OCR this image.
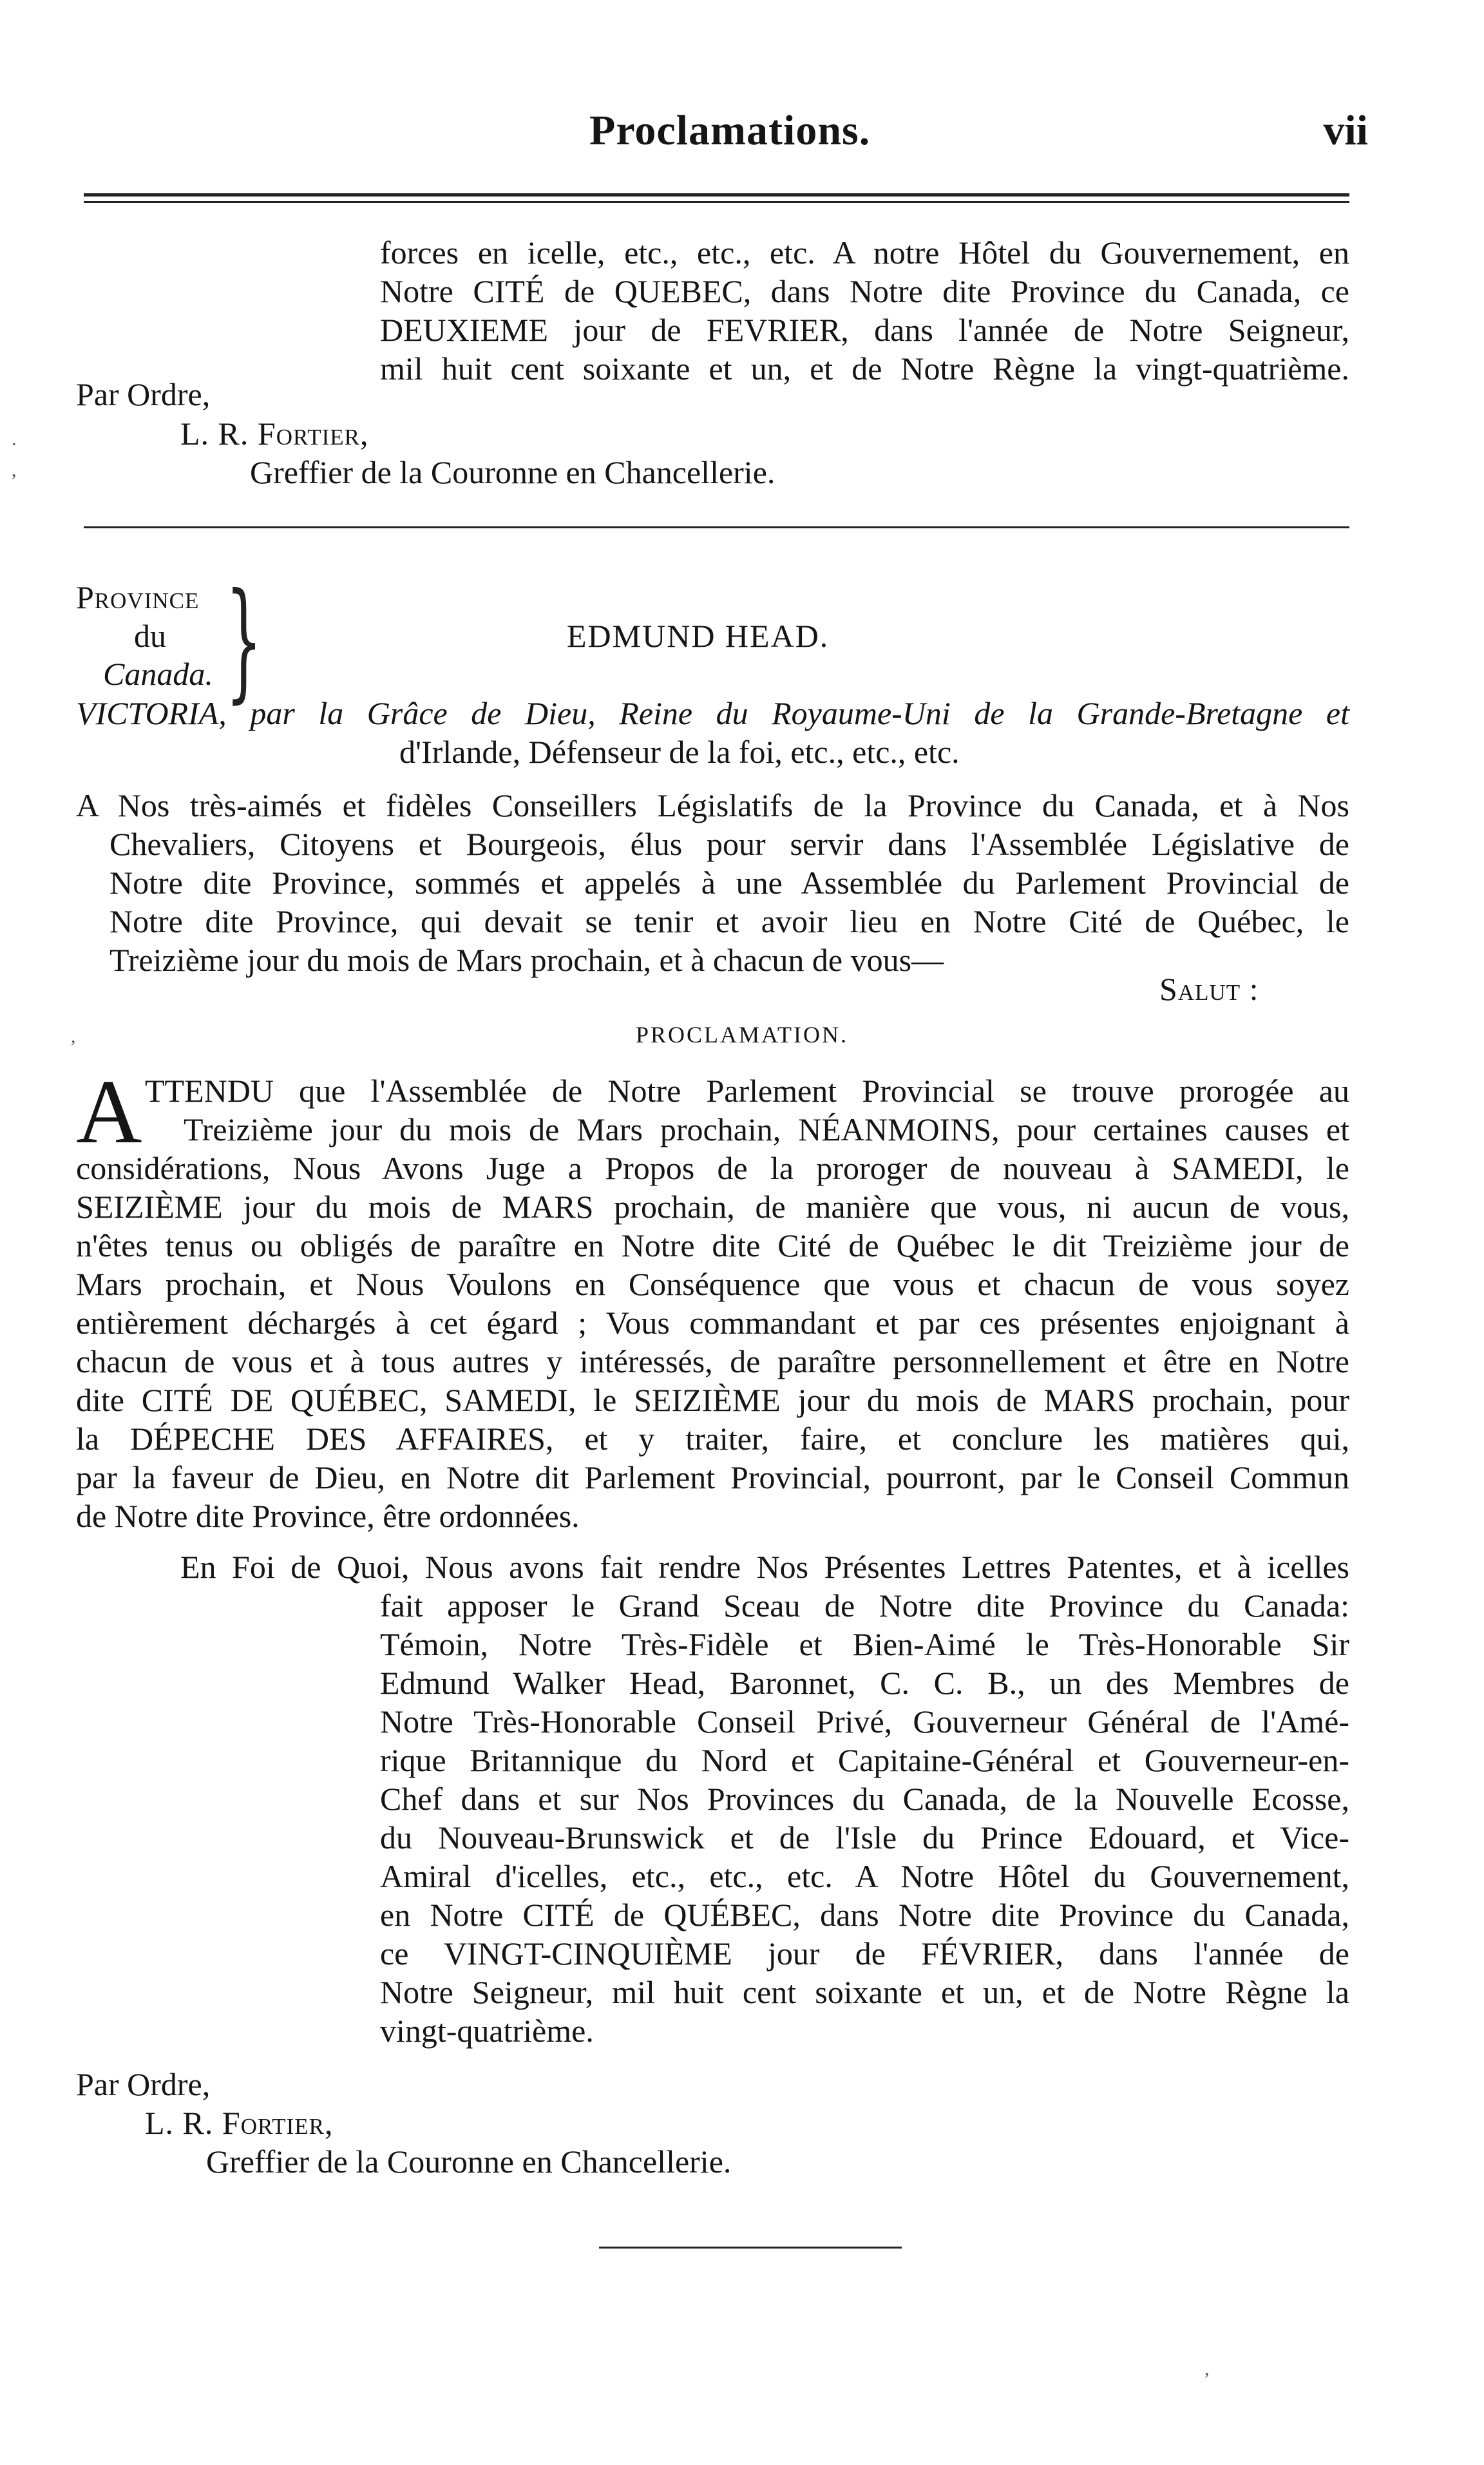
Proclamations.	vii
forces en icelle, etc., etc., etc. A notre Hôtel du Gouvernement, en
Notre CITÉ de QUEBEC, dans Notre dite Province du Canada, ce
DEUXIEME jour de FEVRIER, dans l'année de Notre Seigneur,
mil huit cent soixante et un, et de Notre Règne la vingt-quatrième.
Par Ordre,
L. R. Fortier,
Greffier de la Couronne en Chancellerie.
Province
du
Canada. }	EDMUND HEAD.
VICTORIA, par la Grâce de Dieu, Reine du Royaume-Uni de la Grande-Bretagne et
d'Irlande, Défenseur de la foi, etc., etc., etc.
A Nos très-aimés et fidèles Conseillers Législatifs de la Province du Canada, et à Nos
Chevaliers, Citoyens et Bourgeois, élus pour servir dans l'Assemblée Législative de
Notre dite Province, sommés et appelés à une Assemblée du Parlement Provincial de
Notre dite Province, qui devait se tenir et avoir lieu en Notre Cité de Québec, le
Treizième jour du mois de Mars prochain, et à chacun de vous—
Salut :
PROCLAMATION.
A TTENDU que l'Assemblée de Notre Parlement Provincial se trouve prorogée au
Treizième jour du mois de Mars prochain, NÉANMOINS, pour certaines causes et
considérations, Nous Avons Juge a Propos de la proroger de nouveau à SAMEDI, le
SEIZIÈME jour du mois de MARS prochain, de manière que vous, ni aucun de vous,
n'êtes tenus ou obligés de paraître en Notre dite Cité de Québec le dit Treizième jour de
Mars prochain, et Nous Voulons en Conséquence que vous et chacun de vous soyez
entièrement déchargés à cet égard ; Vous commandant et par ces présentes enjoignant à
chacun de vous et à tous autres y intéressés, de paraître personnellement et être en Notre
dite CITÉ DE QUÉBEC, SAMEDI, le SEIZIÈME jour du mois de MARS prochain, pour
la DÉPECHE DES AFFAIRES, et y traiter, faire, et conclure les matières qui,
par la faveur de Dieu, en Notre dit Parlement Provincial, pourront, par le Conseil Commun
de Notre dite Province, être ordonnées.
En Foi de Quoi, Nous avons fait rendre Nos Présentes Lettres Patentes, et à icelles
fait apposer le Grand Sceau de Notre dite Province du Canada:
Témoin, Notre Très-Fidèle et Bien-Aimé le Très-Honorable Sir
Edmund Walker Head, Baronnet, C. C. B., un des Membres de
Notre Très-Honorable Conseil Privé, Gouverneur Général de l'Amé-
rique Britannique du Nord et Capitaine-Général et Gouverneur-en-
Chef dans et sur Nos Provinces du Canada, de la Nouvelle Ecosse,
du Nouveau-Brunswick et de l'Isle du Prince Edouard, et Vice-
Amiral d'icelles, etc., etc., etc. A Notre Hôtel du Gouvernement,
en Notre CITÉ de QUÉBEC, dans Notre dite Province du Canada,
ce VINGT-CINQUIÈME jour de FÉVRIER, dans l'année de
Notre Seigneur, mil huit cent soixante et un, et de Notre Règne la
vingt-quatrième.
Par Ordre,
L. R. Fortier,
Greffier de la Couronne en Chancellerie.
.
,
,
,
